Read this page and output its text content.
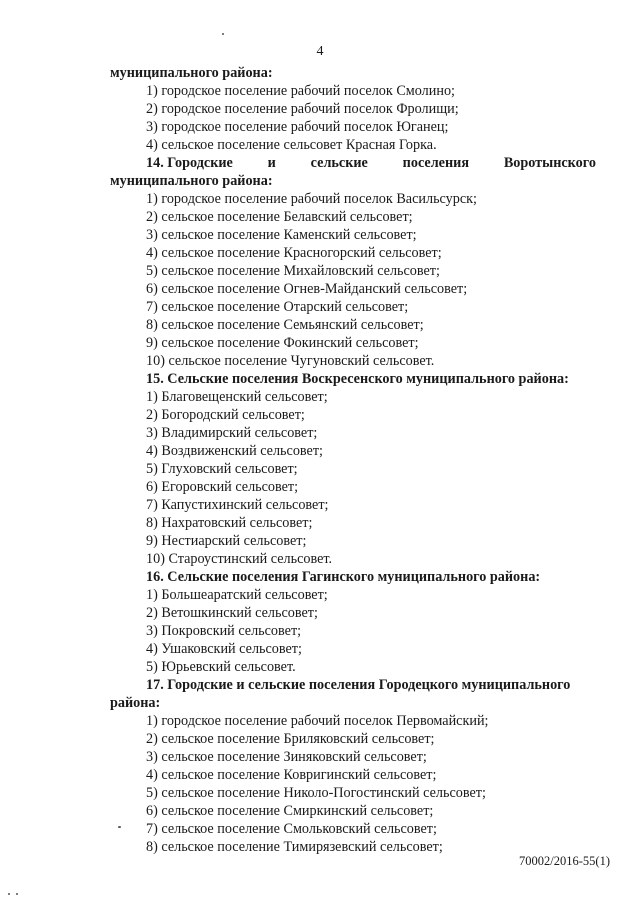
4
муниципального района:
1) городское поселение рабочий поселок Смолино;
2) городское поселение рабочий поселок Фролищи;
3) городское поселение рабочий поселок Юганец;
4) сельское поселение сельсовет Красная Горка.
14. Городские и сельские поселения Воротынского
муниципального района:
1) городское поселение рабочий поселок Васильсурск;
2) сельское поселение Белавский сельсовет;
3) сельское поселение Каменский сельсовет;
4) сельское поселение Красногорский сельсовет;
5) сельское поселение Михайловский сельсовет;
6) сельское поселение Огнев-Майданский сельсовет;
7) сельское поселение Отарский сельсовет;
8) сельское поселение Семьянский сельсовет;
9) сельское поселение Фокинский сельсовет;
10) сельское поселение Чугуновский сельсовет.
15. Сельские поселения Воскресенского муниципального района:
1) Благовещенский сельсовет;
2) Богородский сельсовет;
3) Владимирский сельсовет;
4) Воздвиженский сельсовет;
5) Глуховский сельсовет;
6) Егоровский сельсовет;
7) Капустихинский сельсовет;
8) Нахратовский сельсовет;
9) Нестиарский сельсовет;
10) Староустинский сельсовет.
16. Сельские поселения Гагинского муниципального района:
1) Большеаратский сельсовет;
2) Ветошкинский сельсовет;
3) Покровский сельсовет;
4) Ушаковский сельсовет;
5) Юрьевский сельсовет.
17. Городские и сельские поселения Городецкого муниципального
района:
1) городское поселение рабочий поселок Первомайский;
2) сельское поселение Бриляковский сельсовет;
3) сельское поселение Зиняковский сельсовет;
4) сельское поселение Ковригинский сельсовет;
5) сельское поселение Николо-Погостинский сельсовет;
6) сельское поселение Смиркинский сельсовет;
7) сельское поселение Смольковский сельсовет;
8) сельское поселение Тимирязевский сельсовет;
70002/2016-55(1)
